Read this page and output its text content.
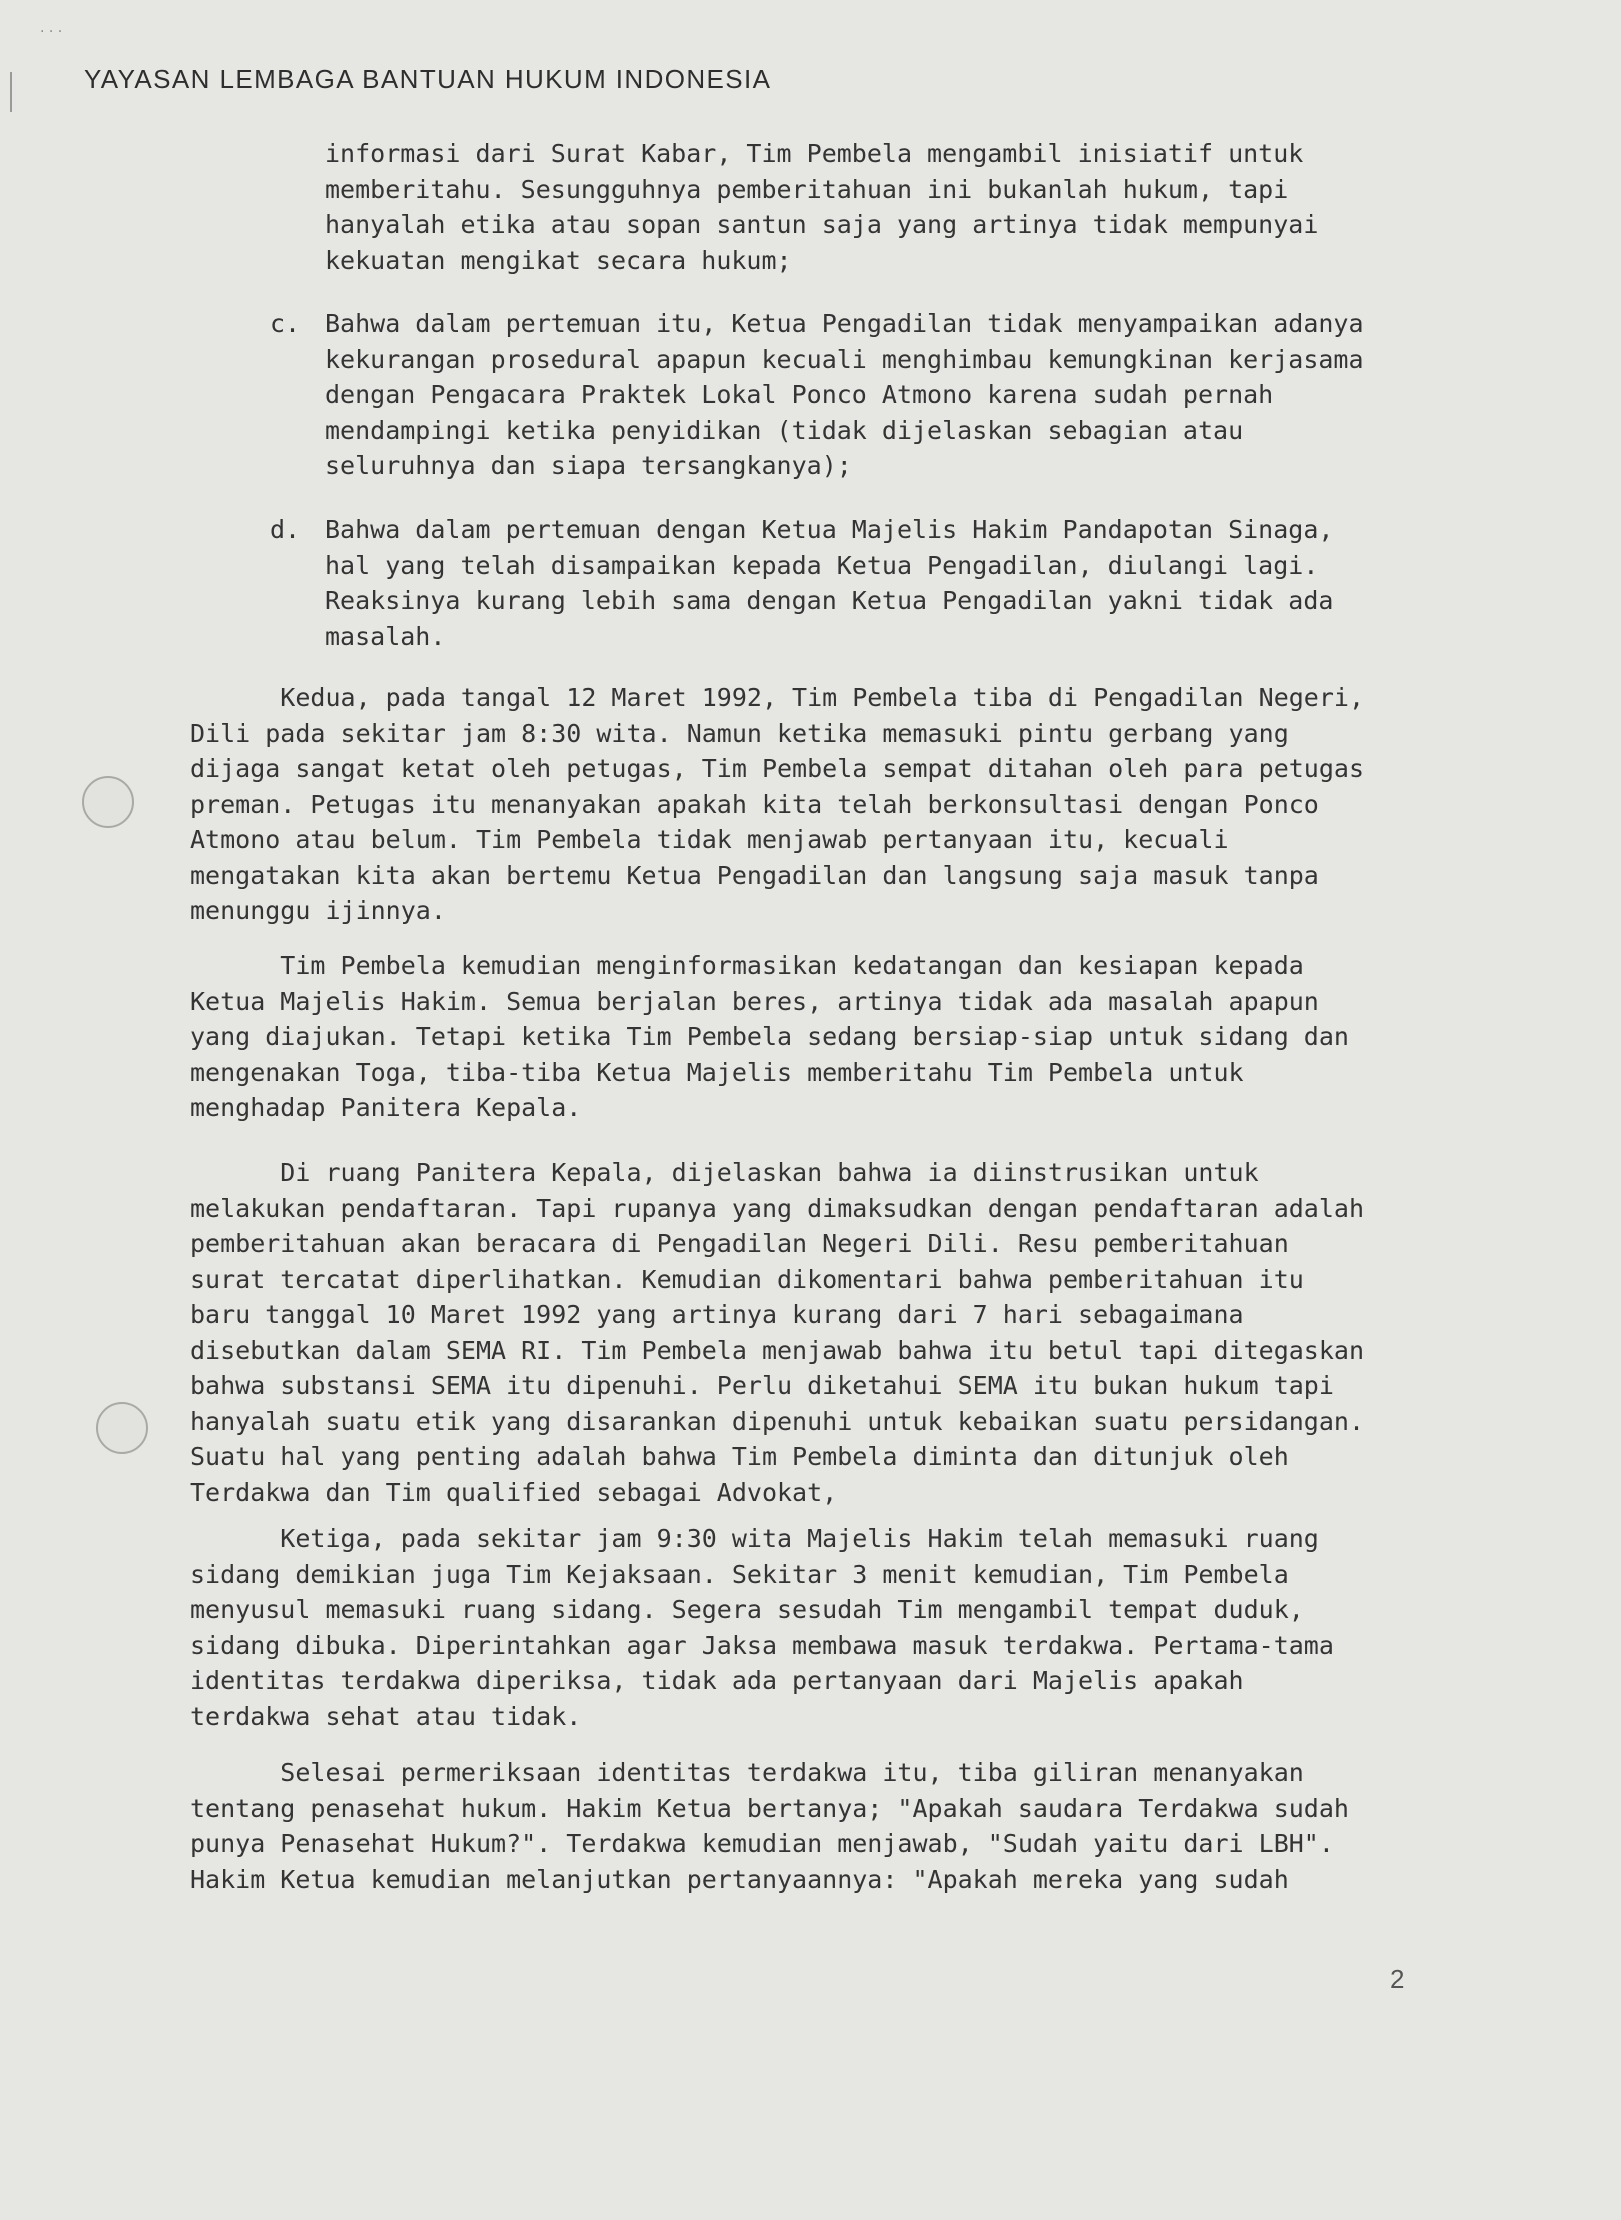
· · ·
YAYASAN LEMBAGA BANTUAN HUKUM INDONESIA
informasi dari Surat Kabar, Tim Pembela mengambil inisiatif untuk
memberitahu. Sesungguhnya pemberitahuan ini bukanlah hukum, tapi
hanyalah etika atau sopan santun saja yang artinya tidak mempunyai
kekuatan mengikat secara hukum;

c.

Bahwa dalam pertemuan itu, Ketua Pengadilan tidak menyampaikan adanya
kekurangan prosedural apapun kecuali menghimbau kemungkinan kerjasama
dengan Pengacara Praktek Lokal Ponco Atmono karena sudah pernah
mendampingi ketika penyidikan (tidak dijelaskan sebagian atau
seluruhnya dan siapa tersangkanya);

d.

Bahwa dalam pertemuan dengan Ketua Majelis Hakim Pandapotan Sinaga,
hal yang telah disampaikan kepada Ketua Pengadilan, diulangi lagi.
Reaksinya kurang lebih sama dengan Ketua Pengadilan yakni tidak ada
masalah.

Kedua, pada tangal 12 Maret 1992, Tim Pembela tiba di Pengadilan Negeri,
Dili pada sekitar jam 8:30 wita. Namun ketika memasuki pintu gerbang yang
dijaga sangat ketat oleh petugas, Tim Pembela sempat ditahan oleh para petugas
preman. Petugas itu menanyakan apakah kita telah berkonsultasi dengan Ponco
Atmono atau belum. Tim Pembela tidak menjawab pertanyaan itu, kecuali
mengatakan kita akan bertemu Ketua Pengadilan dan langsung saja masuk tanpa
menunggu ijinnya.
Tim Pembela kemudian menginformasikan kedatangan dan kesiapan kepada
Ketua Majelis Hakim. Semua berjalan beres, artinya tidak ada masalah apapun
yang diajukan. Tetapi ketika Tim Pembela sedang bersiap-siap untuk sidang dan
mengenakan Toga, tiba-tiba Ketua Majelis memberitahu Tim Pembela untuk
menghadap Panitera Kepala.
Di ruang Panitera Kepala, dijelaskan bahwa ia diinstrusikan untuk
melakukan pendaftaran. Tapi rupanya yang dimaksudkan dengan pendaftaran adalah
pemberitahuan akan beracara di Pengadilan Negeri Dili. Resu pemberitahuan
surat tercatat diperlihatkan. Kemudian dikomentari bahwa pemberitahuan itu
baru tanggal 10 Maret 1992 yang artinya kurang dari 7 hari sebagaimana
disebutkan dalam SEMA RI. Tim Pembela menjawab bahwa itu betul tapi ditegaskan
bahwa substansi SEMA itu dipenuhi. Perlu diketahui SEMA itu bukan hukum tapi
hanyalah suatu etik yang disarankan dipenuhi untuk kebaikan suatu persidangan.
Suatu hal yang penting adalah bahwa Tim Pembela diminta dan ditunjuk oleh
Terdakwa dan Tim qualified sebagai Advokat,
Ketiga, pada sekitar jam 9:30 wita Majelis Hakim telah memasuki ruang
sidang demikian juga Tim Kejaksaan. Sekitar 3 menit kemudian, Tim Pembela
menyusul memasuki ruang sidang. Segera sesudah Tim mengambil tempat duduk,
sidang dibuka. Diperintahkan agar Jaksa membawa masuk terdakwa. Pertama-tama
identitas terdakwa diperiksa, tidak ada pertanyaan dari Majelis apakah
terdakwa sehat atau tidak.
Selesai permeriksaan identitas terdakwa itu, tiba giliran menanyakan
tentang penasehat hukum. Hakim Ketua bertanya; "Apakah saudara Terdakwa sudah
punya Penasehat Hukum?". Terdakwa kemudian menjawab, "Sudah yaitu dari LBH".
Hakim Ketua kemudian melanjutkan pertanyaannya: "Apakah mereka yang sudah
2
